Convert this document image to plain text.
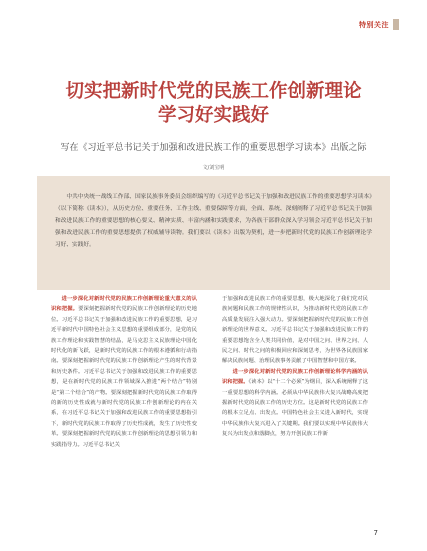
特别关注
切实把新时代党的民族工作创新理论
学习好实践好
写在《习近平总书记关于加强和改进民族工作的重要思想学习读本》出版之际
文/刘宝明

中共中央统一战线工作部、国家民族事务委员会组织编写的《习近平总书记关于加强和改进民族工作的重要思想学习读本》（以下简称《读本》），从历史方位、重要任务、工作主线、重要保障等方面，全面、系统、深刻阐释了习近平总书记关于加强和改进民族工作的重要思想的核心要义、精神实质、丰富内涵和实践要求，为各族干部群众深入学习领会习近平总书记关于加强和改进民族工作的重要思想提供了权威辅导读物。我们要以《读本》出版为契机，进一步把新时代党的民族工作创新理论学习好、实践好。

进一步深化对新时代党的民族工作创新理论重大意义的认识和把握。要深刻把握新时代党的民族工作创新理论的历史地位。习近平总书记关于加强和改进民族工作的重要思想，是习近平新时代中国特色社会主义思想的重要组成部分，是党的民族工作理论和实践智慧的结晶，是马克思主义民族理论中国化时代化的新飞跃，是新时代党的民族工作的根本遵循和行动指南。要深刻把握新时代党的民族工作创新理论产生的时代背景和历史条件。习近平总书记关于加强和改进民族工作的重要思想，是在新时代党的民族工作领域深入推进“两个结合”特别是“第二个结合”的产物。要深刻把握新时代党的民族工作取得的新的历史性成就与新时代党的民族工作创新理论的内在关系，在习近平总书记关于加强和改进民族工作的重要思想指引下，新时代党的民族工作取得了历史性成就，发生了历史性变革。要深刻把握新时代党的民族工作创新理论的思想引领力和实践指导力。习近平总书记关

于加强和改进民族工作的重要思想，极大地深化了我们党对民族问题和民族工作的规律性认识，为推动新时代党的民族工作高质量发展注入强大动力。要深刻把握新时代党的民族工作创新理论的世界意义。习近平总书记关于加强和改进民族工作的重要思想饱含全人类共同价值，是对中国之问、世界之问、人民之问、时代之问的积极回应和深刻思考，为世界各民族国家解决民族问题、治理民族事务贡献了中国智慧和中国方案。

进一步深化对新时代党的民族工作创新理论科学内涵的认识和把握。《读本》以“十二个必须”为纲目，深入系统阐释了这一重要思想的科学内涵。必须从中华民族伟大复兴战略高度把握新时代党的民族工作的历史方位。这是新时代党的民族工作的根本立足点、出发点。中国特色社会主义进入新时代，实现中华民族伟大复兴进入了关键期。我们要以实现中华民族伟大复兴为出发点和落脚点，努力开创民族工作新

7
